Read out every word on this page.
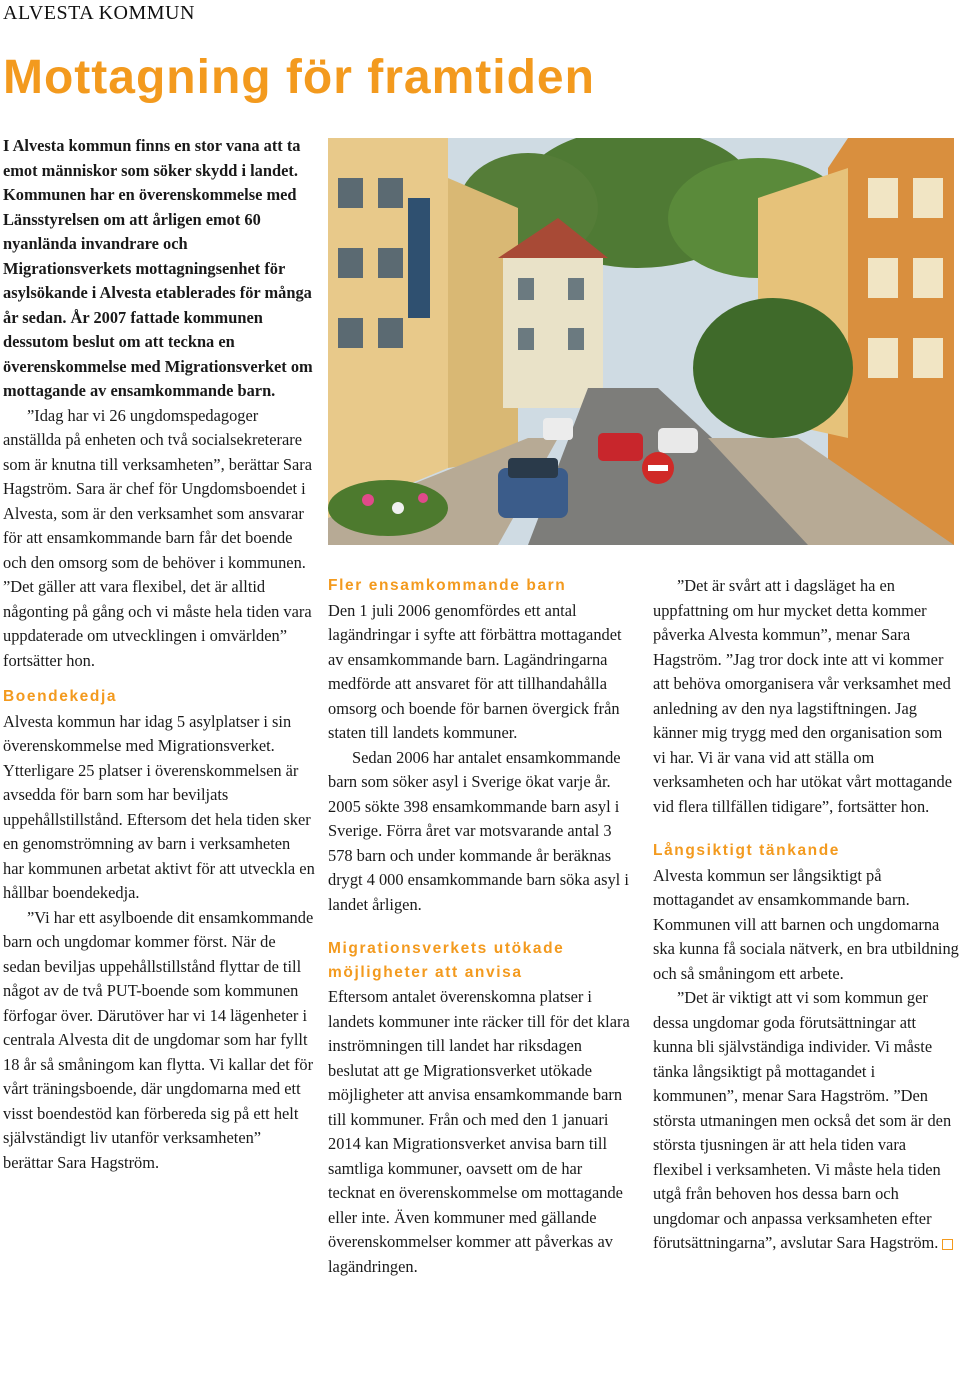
ALVESTA KOMMUN
Mottagning för framtiden

I Alvesta kommun finns en stor vana att ta emot människor som söker skydd i landet. Kommunen har en överenskommelse med Länsstyrelsen om att årligen emot 60 nyanlända invandrare och Migrationsverkets mottagningsenhet för asylsökande i Alvesta etablerades för många år sedan. År 2007 fattade kommunen dessutom beslut om att teckna en överenskommelse med Migrationsverket om mottagande av ensamkommande barn.

”Idag har vi 26 ungdomspedagoger anställda på enheten och två socialsekreterare som är knutna till verksamheten”, berättar Sara Hagström. Sara är chef för Ungdomsboendet i Alvesta, som är den verksamhet som ansvarar för att ensamkommande barn får det boende och den omsorg som de behöver i kommunen. ”Det gäller att vara flexibel, det är alltid någonting på gång och vi måste hela tiden vara uppdaterade om utvecklingen i omvärlden” fortsätter hon.

Boendekedja

Alvesta kommun har idag 5 asylplatser i sin överenskommelse med Migrationsverket. Ytterligare 25 platser i överenskommelsen är avsedda för barn som har beviljats uppehållstillstånd. Eftersom det hela tiden sker en genomströmning av barn i verksamheten har kommunen arbetat aktivt för att utveckla en hållbar boendekedja.

”Vi har ett asylboende dit ensamkommande barn och ungdomar kommer först. När de sedan beviljas uppehållstillstånd flyttar de till något av de två PUT-boende som kommunen förfogar över. Därutöver har vi 14 lägenheter i centrala Alvesta dit de ungdomar som har fyllt 18 år så småningom kan flytta. Vi kallar det för vårt träningsboende, där ungdomarna med ett visst boendestöd kan förbereda sig på ett helt självständigt liv utanför verksamheten” berättar Sara Hagström.

Fler ensamkommande barn

Den 1 juli 2006 genomfördes ett antal lagändringar i syfte att förbättra mottagandet av ensamkommande barn. Lagändringarna medförde att ansvaret för att tillhandahålla omsorg och boende för barnen övergick från staten till landets kommuner.

Sedan 2006 har antalet ensamkommande barn som söker asyl i Sverige ökat varje år. 2005 sökte 398 ensamkommande barn asyl i Sverige. Förra året var motsvarande antal 3 578 barn och under kommande år beräknas drygt 4 000 ensamkommande barn söka asyl i landet årligen.

Migrationsverkets utökade möjligheter att anvisa

Eftersom antalet överenskomna platser i landets kommuner inte räcker till för det klara inströmningen till landet har riksdagen beslutat att ge Migrationsverket utökade möjligheter att anvisa ensamkommande barn till kommuner. Från och med den 1 januari 2014 kan Migrationsverket anvisa barn till samtliga kommuner, oavsett om de har tecknat en överenskommelse om mottagande eller inte. Även kommuner med gällande överenskommelser kommer att påverkas av lagändringen.

”Det är svårt att i dagsläget ha en uppfattning om hur mycket detta kommer påverka Alvesta kommun”, menar Sara Hagström. ”Jag tror dock inte att vi kommer att behöva omorganisera vår verksamhet med anledning av den nya lagstiftningen. Jag känner mig trygg med den organisation som vi har. Vi är vana vid att ställa om verksamheten och har utökat vårt mottagande vid flera tillfällen tidigare”, fortsätter hon.

Långsiktigt tänkande

Alvesta kommun ser långsiktigt på mottagandet av ensamkommande barn. Kommunen vill att barnen och ungdomarna ska kunna få sociala nätverk, en bra utbildning och så småningom ett arbete.

”Det är viktigt att vi som kommun ger dessa ungdomar goda förutsättningar att kunna bli självständiga individer. Vi måste tänka långsiktigt på mottagandet i kommunen”, menar Sara Hagström. ”Den största utmaningen men också det som är den största tjusningen är att hela tiden vara flexibel i verksamheten. Vi måste hela tiden utgå från behoven hos dessa barn och ungdomar och anpassa verksamheten efter förutsättningarna”, avslutar Sara Hagström.
